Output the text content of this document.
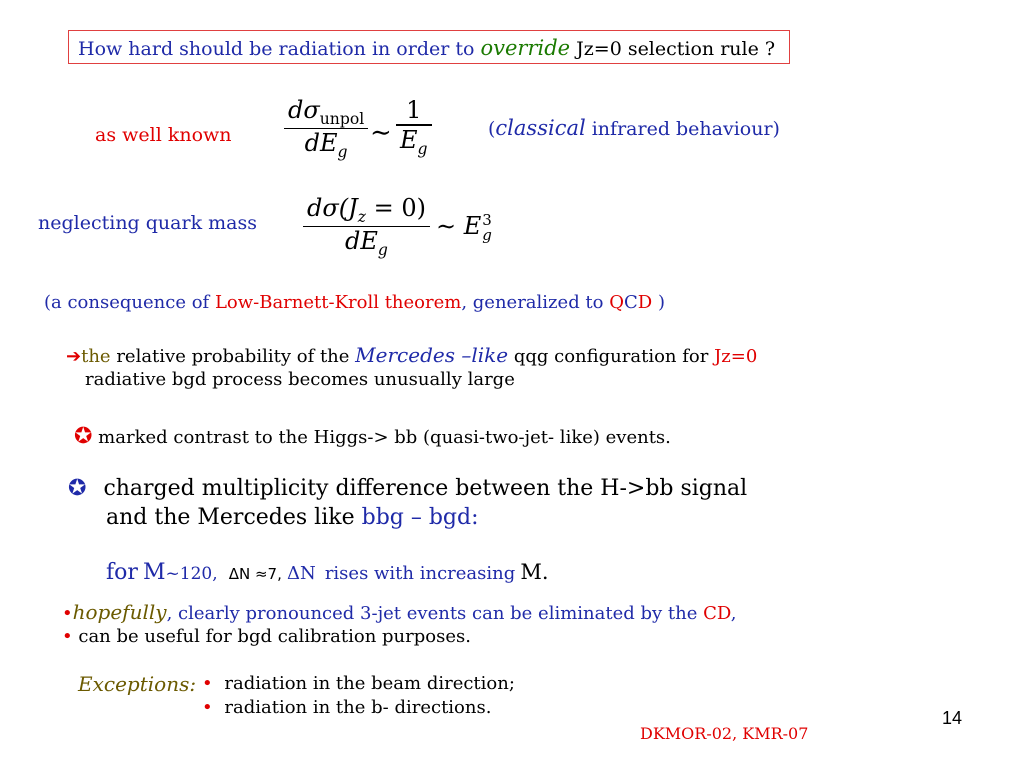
How hard should be radiation in order to override Jz=0 selection rule ?
as well known
$d\sigma_{unpol}$
$dE_g$
∼
1
$E_g$
(classical infrared behaviour)
neglecting quark mass
$d\sigma(J_z = 0)$
$dE_g$
∼ E 3
g
(a consequence of Low-Barnett-Kroll theorem, generalized to QCD )
➔the relative probability of the Mercedes –like qqg configuration for Jz=0
radiative bgd process becomes unusually large
✪ marked contrast to the Higgs-> bb (quasi-two-jet- like) events.
✪ charged multiplicity difference between the H->bb signal
and the Mercedes like bbg – bgd:
for M~120, ΔN ≈7, ΔN rises with increasing M.
•hopefully, clearly pronounced 3-jet events can be eliminated by the CD,
• can be useful for bgd calibration purposes.
Exceptions: • radiation in the beam direction;
• radiation in the b- directions.
DKMOR-02, KMR-07
14
